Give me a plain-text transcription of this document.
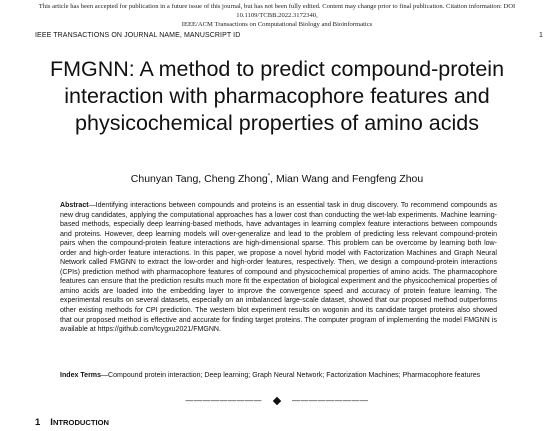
This article has been accepted for publication in a future issue of this journal, but has not been fully edited. Content may change prior to final publication. Citation information: DOI 10.1109/TCBB.2022.3172340,
IEEE/ACM Transactions on Computational Biology and Bioinformatics
IEEE TRANSACTIONS ON JOURNAL NAME, MANUSCRIPT ID	1
FMGNN: A method to predict compound-protein interaction with pharmacophore features and physicochemical properties of amino acids
Chunyan Tang, Cheng Zhong*, Mian Wang and Fengfeng Zhou

Abstract—Identifying interactions between compounds and proteins is an essential task in drug discovery. To recommend compounds as new drug candidates, applying the computational approaches has a lower cost than conducting the wet-lab experiments. Machine learning-based methods, especially deep learning-based methods, have advantages in learning complex feature interactions between compounds and proteins. However, deep learning models will over-generalize and lead to the problem of predicting less relevant compound-protein pairs when the compound-protein feature interactions are high-dimensional sparse. This problem can be overcome by learning both low-order and high-order feature interactions. In this paper, we propose a novel hybrid model with Factorization Machines and Graph Neural Network called FMGNN to extract the low-order and high-order features, respectively. Then, we design a compound-protein interactions (CPIs) prediction method with pharmacophore features of compound and physicochemical properties of amino acids. The pharmacophore features can ensure that the prediction results much more fit the expectation of biological experiment and the physicochemical properties of amino acids are loaded into the embedding layer to improve the convergence speed and accuracy of protein feature learning. The experimental results on several datasets, especially on an imbalanced large-scale dataset, showed that our proposed method outperforms other existing methods for CPI prediction. The western blot experiment results on wogonin and its candidate target proteins also showed that our proposed method is effective and accurate for finding target proteins. The computer program of implementing the model FMGNN is available at https://github.com/tcygxu2021/FMGNN.

Index Terms—Compound protein interaction; Deep learning; Graph Neural Network; Factorization Machines; Pharmacophore features

—————————	—————————
1 INTRODUCTION
